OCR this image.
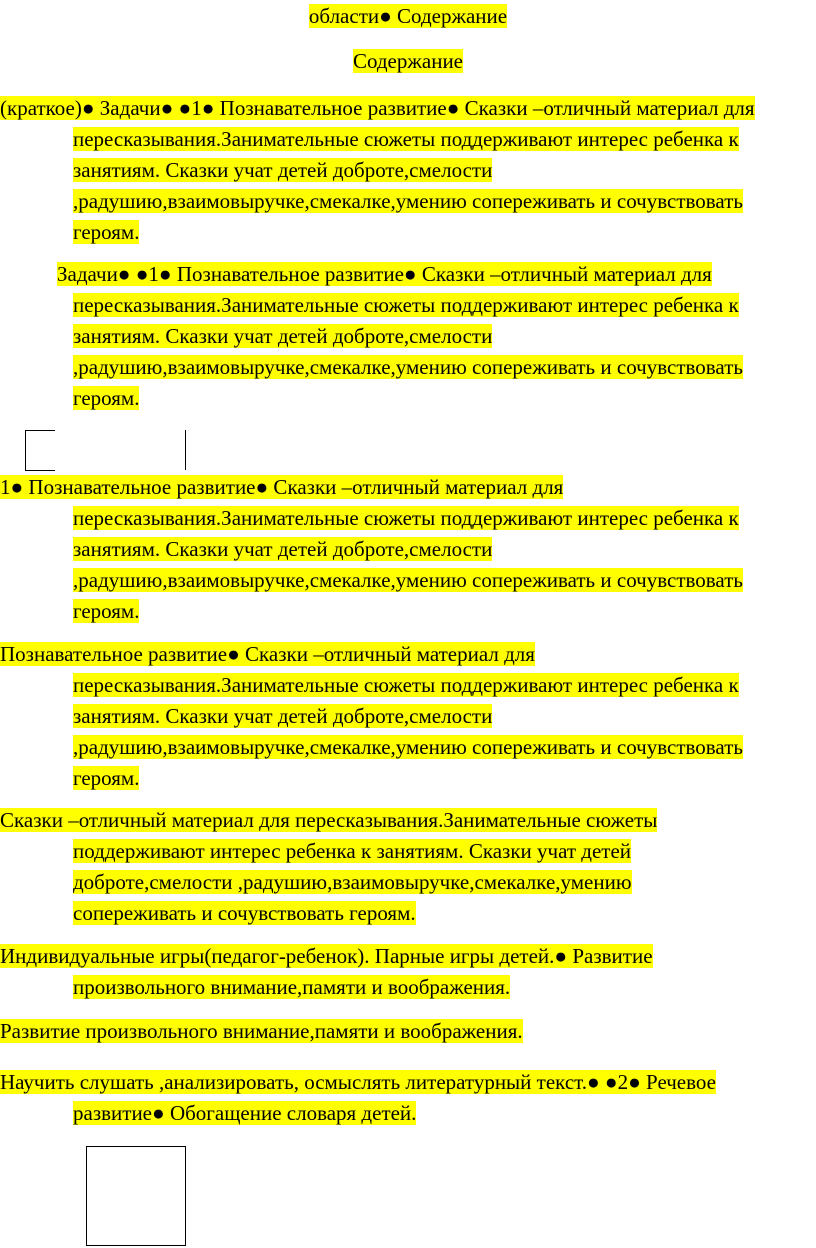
области● Содержание
Содержание
(краткое)● Задачи● ●1● Познавательное развитие● Сказки –отличный материал для
пересказывания.Занимательные сюжеты поддерживают интерес ребенка к
занятиям. Сказки учат детей доброте,смелости
,радушию,взаимовыручке,смекалке,умению сопереживать и сочувствовать
героям.
Задачи● ●1● Познавательное развитие● Сказки –отличный материал для
пересказывания.Занимательные сюжеты поддерживают интерес ребенка к
занятиям. Сказки учат детей доброте,смелости
,радушию,взаимовыручке,смекалке,умению сопереживать и сочувствовать
героям.
1● Познавательное развитие● Сказки –отличный материал для
пересказывания.Занимательные сюжеты поддерживают интерес ребенка к
занятиям. Сказки учат детей доброте,смелости
,радушию,взаимовыручке,смекалке,умению сопереживать и сочувствовать
героям.
Познавательное развитие● Сказки –отличный материал для
пересказывания.Занимательные сюжеты поддерживают интерес ребенка к
занятиям. Сказки учат детей доброте,смелости
,радушию,взаимовыручке,смекалке,умению сопереживать и сочувствовать
героям.
Сказки –отличный материал для пересказывания.Занимательные сюжеты
поддерживают интерес ребенка к занятиям. Сказки учат детей
доброте,смелости ,радушию,взаимовыручке,смекалке,умению
сопереживать и сочувствовать героям.
Индивидуальные игры(педагог-ребенок). Парные игры детей.● Развитие
произвольного внимание,памяти и воображения.
Развитие произвольного внимание,памяти и воображения.
Научить слушать ,анализировать, осмыслять литературный текст.● ●2● Речевое
развитие● Обогащение словаря детей.
